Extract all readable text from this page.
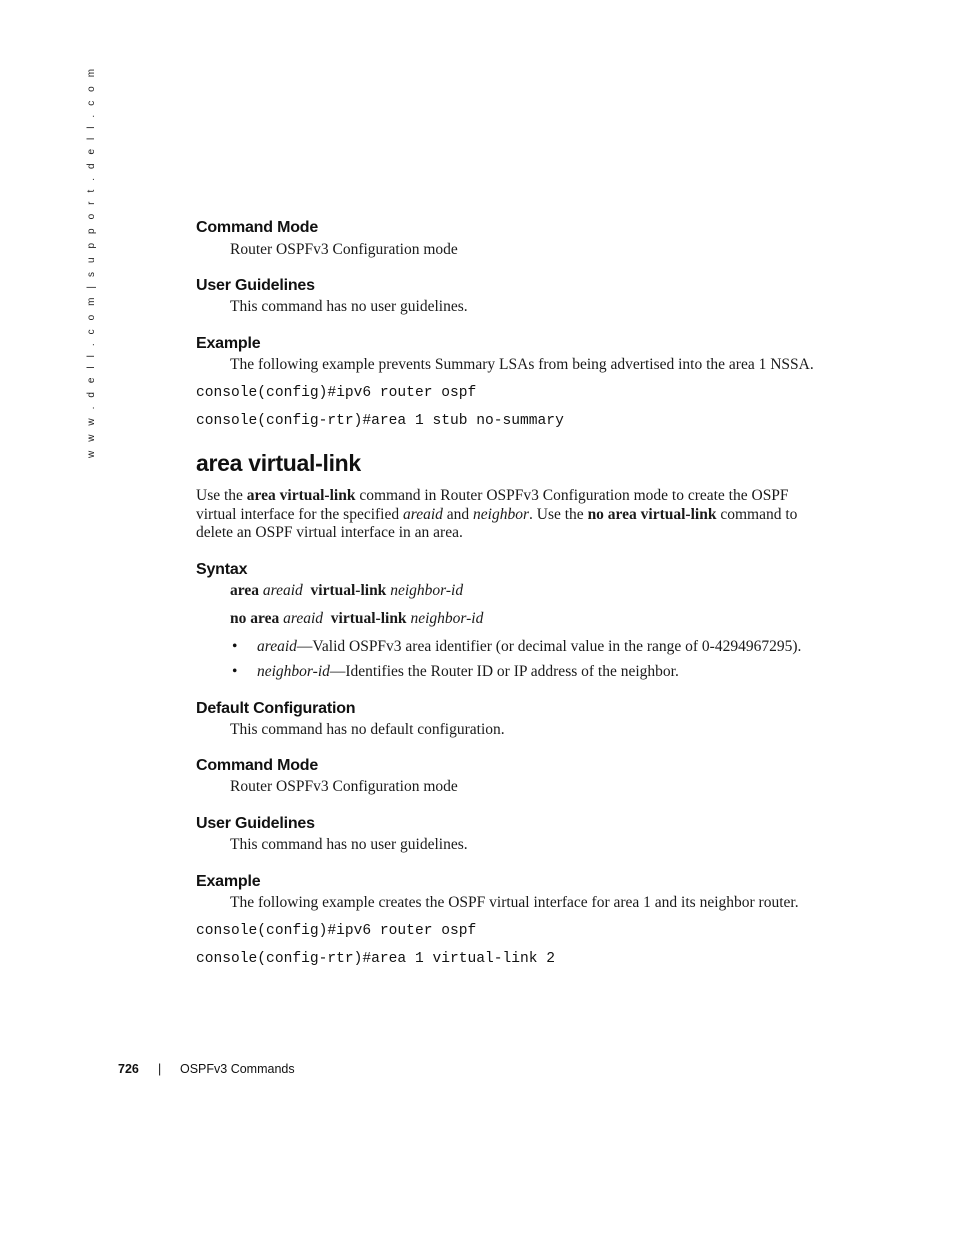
w w w . d e l l . c o m | s u p p o r t . d e l l . c o m	Command Mode
Router OSPFv3 Configuration mode
User Guidelines
This command has no user guidelines.
Example
The following example prevents Summary LSAs from being advertised into the area 1 NSSA.
console(config)#ipv6 router ospf
console(config-rtr)#area 1 stub no-summary
area virtual-link
Use the area virtual-link command in Router OSPFv3 Configuration mode to create the OSPF virtual interface for the specified areaid and neighbor. Use the no area virtual-link command to delete an OSPF virtual interface in an area.
Syntax
area areaid virtual-link neighbor-id
no area areaid virtual-link neighbor-id
• areaid—Valid OSPFv3 area identifier (or decimal value in the range of 0-4294967295).
• neighbor-id—Identifies the Router ID or IP address of the neighbor.
Default Configuration
This command has no default configuration.
Command Mode
Router OSPFv3 Configuration mode
User Guidelines
This command has no user guidelines.
Example
The following example creates the OSPF virtual interface for area 1 and its neighbor router.
console(config)#ipv6 router ospf
console(config-rtr)#area 1 virtual-link 2
726 | OSPFv3 Commands
